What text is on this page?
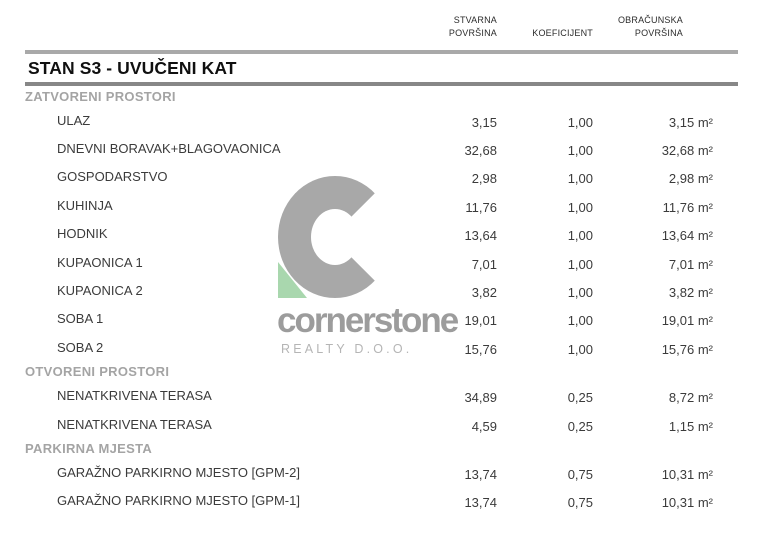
cornerstone
REALTY D.O.O.
STVARNA
POVRŠINA	KOEFICIJENT
OBRAČUNSKA
POVRŠINA
STAN S3 - UVUČENI KAT
ZATVORENI PROSTORI
ULAZ	3,15	1,00	3,15 m²
DNEVNI BORAVAK+BLAGOVAONICA	32,68	1,00	32,68 m²
GOSPODARSTVO	2,98	1,00	2,98 m²
KUHINJA	11,76	1,00	11,76 m²
HODNIK	13,64	1,00	13,64 m²
KUPAONICA 1	7,01	1,00	7,01 m²
KUPAONICA 2	3,82	1,00	3,82 m²
SOBA 1	19,01	1,00	19,01 m²
SOBA 2	15,76	1,00	15,76 m²
OTVORENI PROSTORI
NENATKRIVENA TERASA	34,89	0,25	8,72 m²
NENATKRIVENA TERASA	4,59	0,25	1,15 m²
PARKIRNA MJESTA
GARAŽNO PARKIRNO MJESTO [GPM-2]	13,74	0,75	10,31 m²
GARAŽNO PARKIRNO MJESTO [GPM-1]	13,74	0,75	10,31 m²
